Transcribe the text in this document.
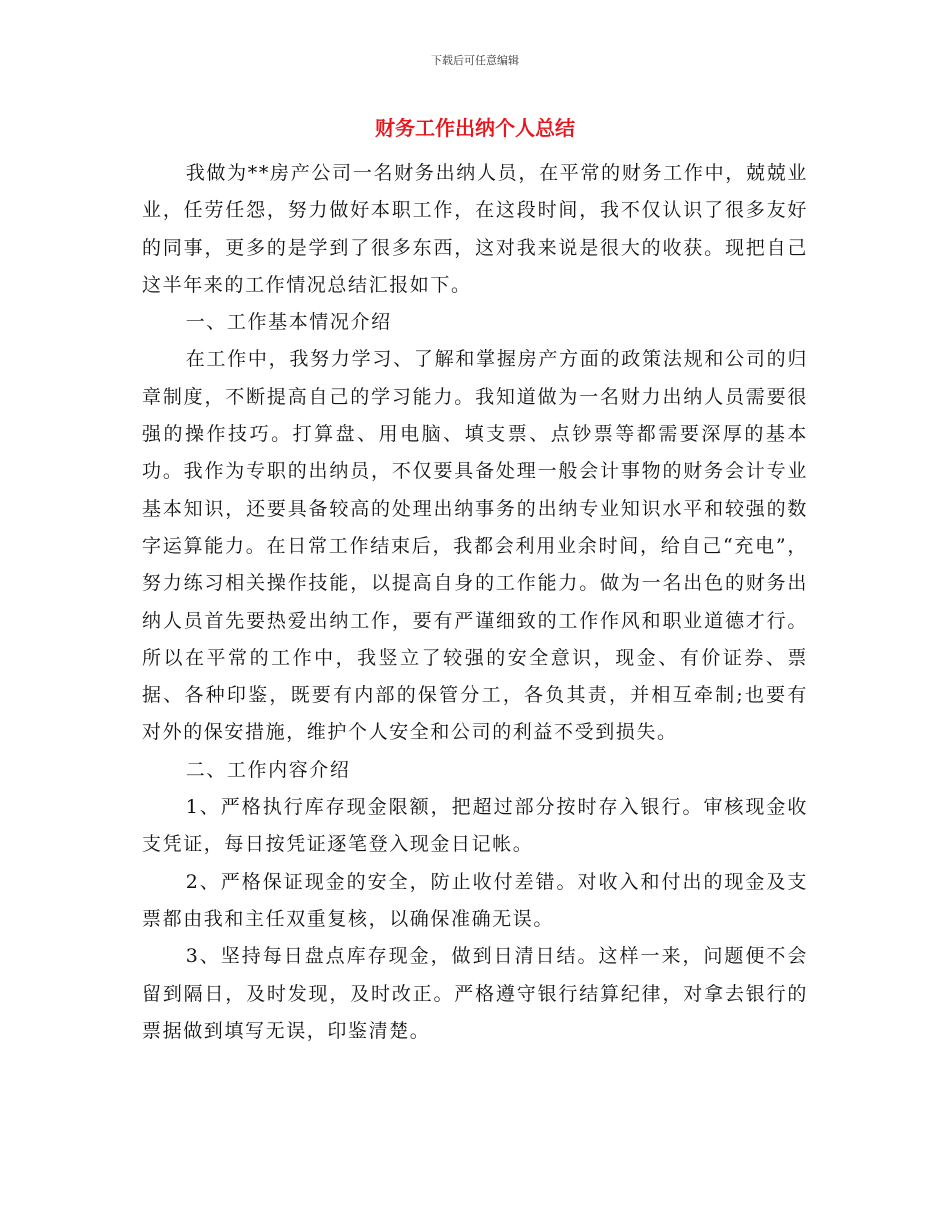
下载后可任意编辑
财务工作出纳个人总结

我做为**房产公司一名财务出纳人员，在平常的财务工作中，兢兢业业，任劳任怨，努力做好本职工作，在这段时间，我不仅认识了很多友好的同事，更多的是学到了很多东西，这对我来说是很大的收获。现把自己这半年来的工作情况总结汇报如下。

一、工作基本情况介绍

在工作中，我努力学习、了解和掌握房产方面的政策法规和公司的归章制度，不断提高自己的学习能力。我知道做为一名财力出纳人员需要很强的操作技巧。打算盘、用电脑、填支票、点钞票等都需要深厚的基本功。我作为专职的出纳员，不仅要具备处理一般会计事物的财务会计专业基本知识，还要具备较高的处理出纳事务的出纳专业知识水平和较强的数字运算能力。在日常工作结束后，我都会利用业余时间，给自己“充电”，努力练习相关操作技能，以提高自身的工作能力。做为一名出色的财务出纳人员首先要热爱出纳工作，要有严谨细致的工作作风和职业道德才行。所以在平常的工作中，我竖立了较强的安全意识，现金、有价证券、票据、各种印鉴，既要有内部的保管分工，各负其责，并相互牵制;也要有对外的保安措施，维护个人安全和公司的利益不受到损失。

二、工作内容介绍

1、严格执行库存现金限额，把超过部分按时存入银行。审核现金收支凭证，每日按凭证逐笔登入现金日记帐。

2、严格保证现金的安全，防止收付差错。对收入和付出的现金及支票都由我和主任双重复核，以确保准确无误。

3、坚持每日盘点库存现金，做到日清日结。这样一来，问题便不会留到隔日，及时发现，及时改正。严格遵守银行结算纪律，对拿去银行的票据做到填写无误，印鉴清楚。
